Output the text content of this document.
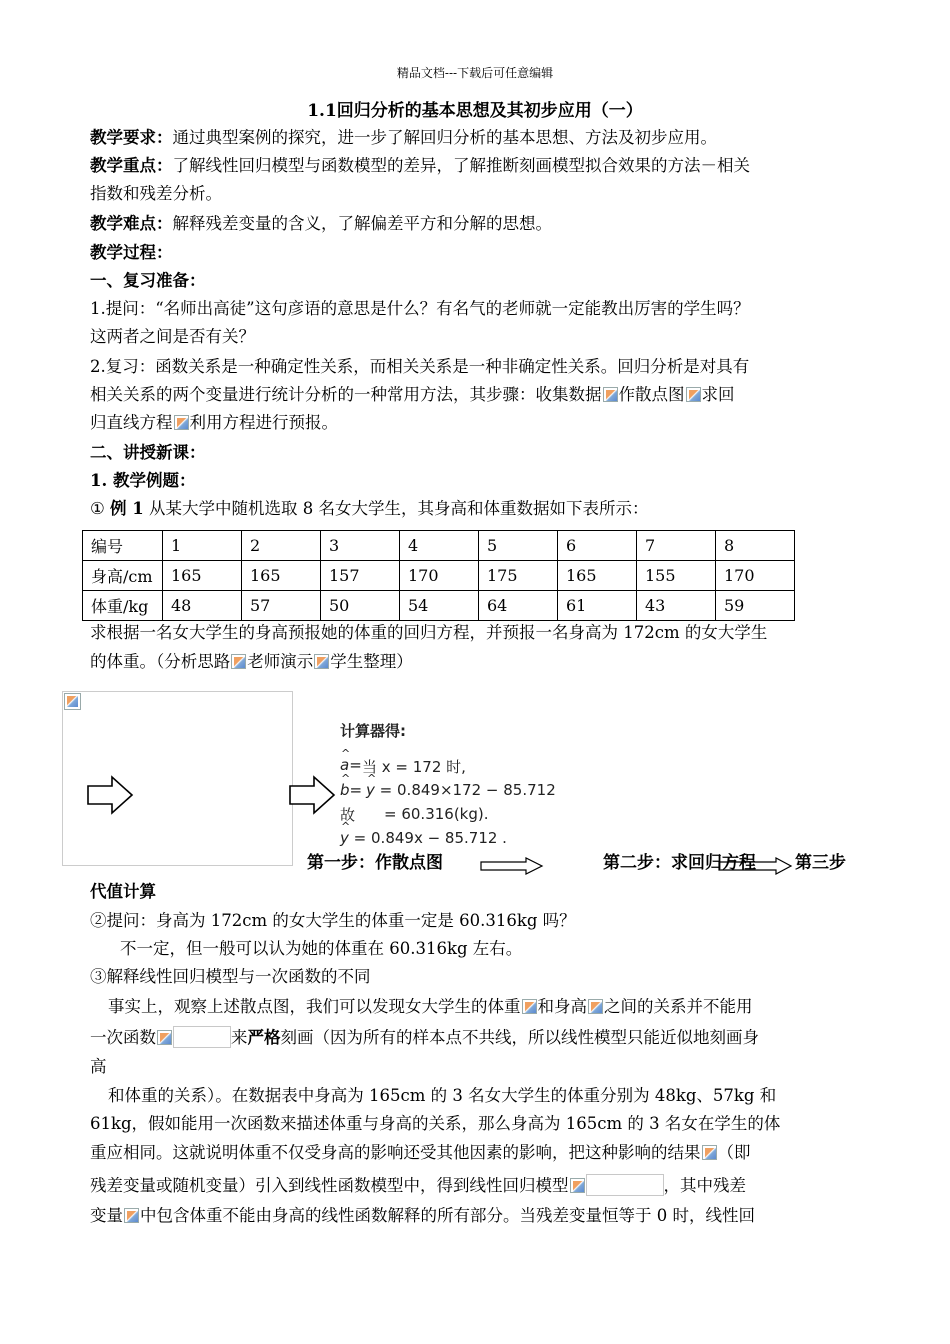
精品文档---下载后可任意编辑
1.1回归分析的基本思想及其初步应用（一）
教学要求：通过典型案例的探究，进一步了解回归分析的基本思想、方法及初步应用。
教学重点：了解线性回归模型与函数模型的差异，了解推断刻画模型拟合效果的方法－相关
指数和残差分析。
教学难点：解释残差变量的含义，了解偏差平方和分解的思想。
教学过程：
一、复习准备：
1.提问：“名师出高徒”这句彦语的意思是什么？有名气的老师就一定能教出厉害的学生吗？
这两者之间是否有关？
2.复习：函数关系是一种确定性关系，而相关关系是一种非确定性关系。回归分析是对具有
相关关系的两个变量进行统计分析的一种常用方法，其步骤：收集数据 作散点图 求回
归直线方程 利用方程进行预报。
二、讲授新课：
1. 教学例题：
① 例 1 从某大学中随机选取 8 名女大学生，其身高和体重数据如下表所示：
编号	1	2	3	4	5	6	7	8
身高/cm	165	165	157	170	175	165	155	170
体重/kg	48	57	50	54	64	61	43	59
求根据一名女大学生的身高预报她的体重的回归方程，并预报一名身高为 172cm 的女大学生
的体重。（分析思路 老师演示 学生整理）
计算器得:
^ a= 当 x = 172 时,
^ b= ^ y = 0.849×172 − 85.712
故 = 60.316(kg).
^ y = 0.849x − 85.712 .
第一步：作散点图	第二步：求回归方程 第三步
代值计算
②提问：身高为 172cm 的女大学生的体重一定是 60.316kg 吗？
不一定，但一般可以认为她的体重在 60.316kg 左右。
③解释线性回归模型与一次函数的不同
事实上，观察上述散点图，我们可以发现女大学生的体重 和身高 之间的关系并不能用
一次函数	来严格刻画（因为所有的样本点不共线，所以线性模型只能近似地刻画身
高
和体重的关系）。在数据表中身高为 165cm 的 3 名女大学生的体重分别为 48kg、57kg 和
61kg，假如能用一次函数来描述体重与身高的关系，那么身高为 165cm 的 3 名女在学生的体
重应相同。这就说明体重不仅受身高的影响还受其他因素的影响，把这种影响的结果 （即
残差变量或随机变量）引入到线性函数模型中，得到线性回归模型	，其中残差
变量 中包含体重不能由身高的线性函数解释的所有部分。当残差变量恒等于 0 时，线性回
